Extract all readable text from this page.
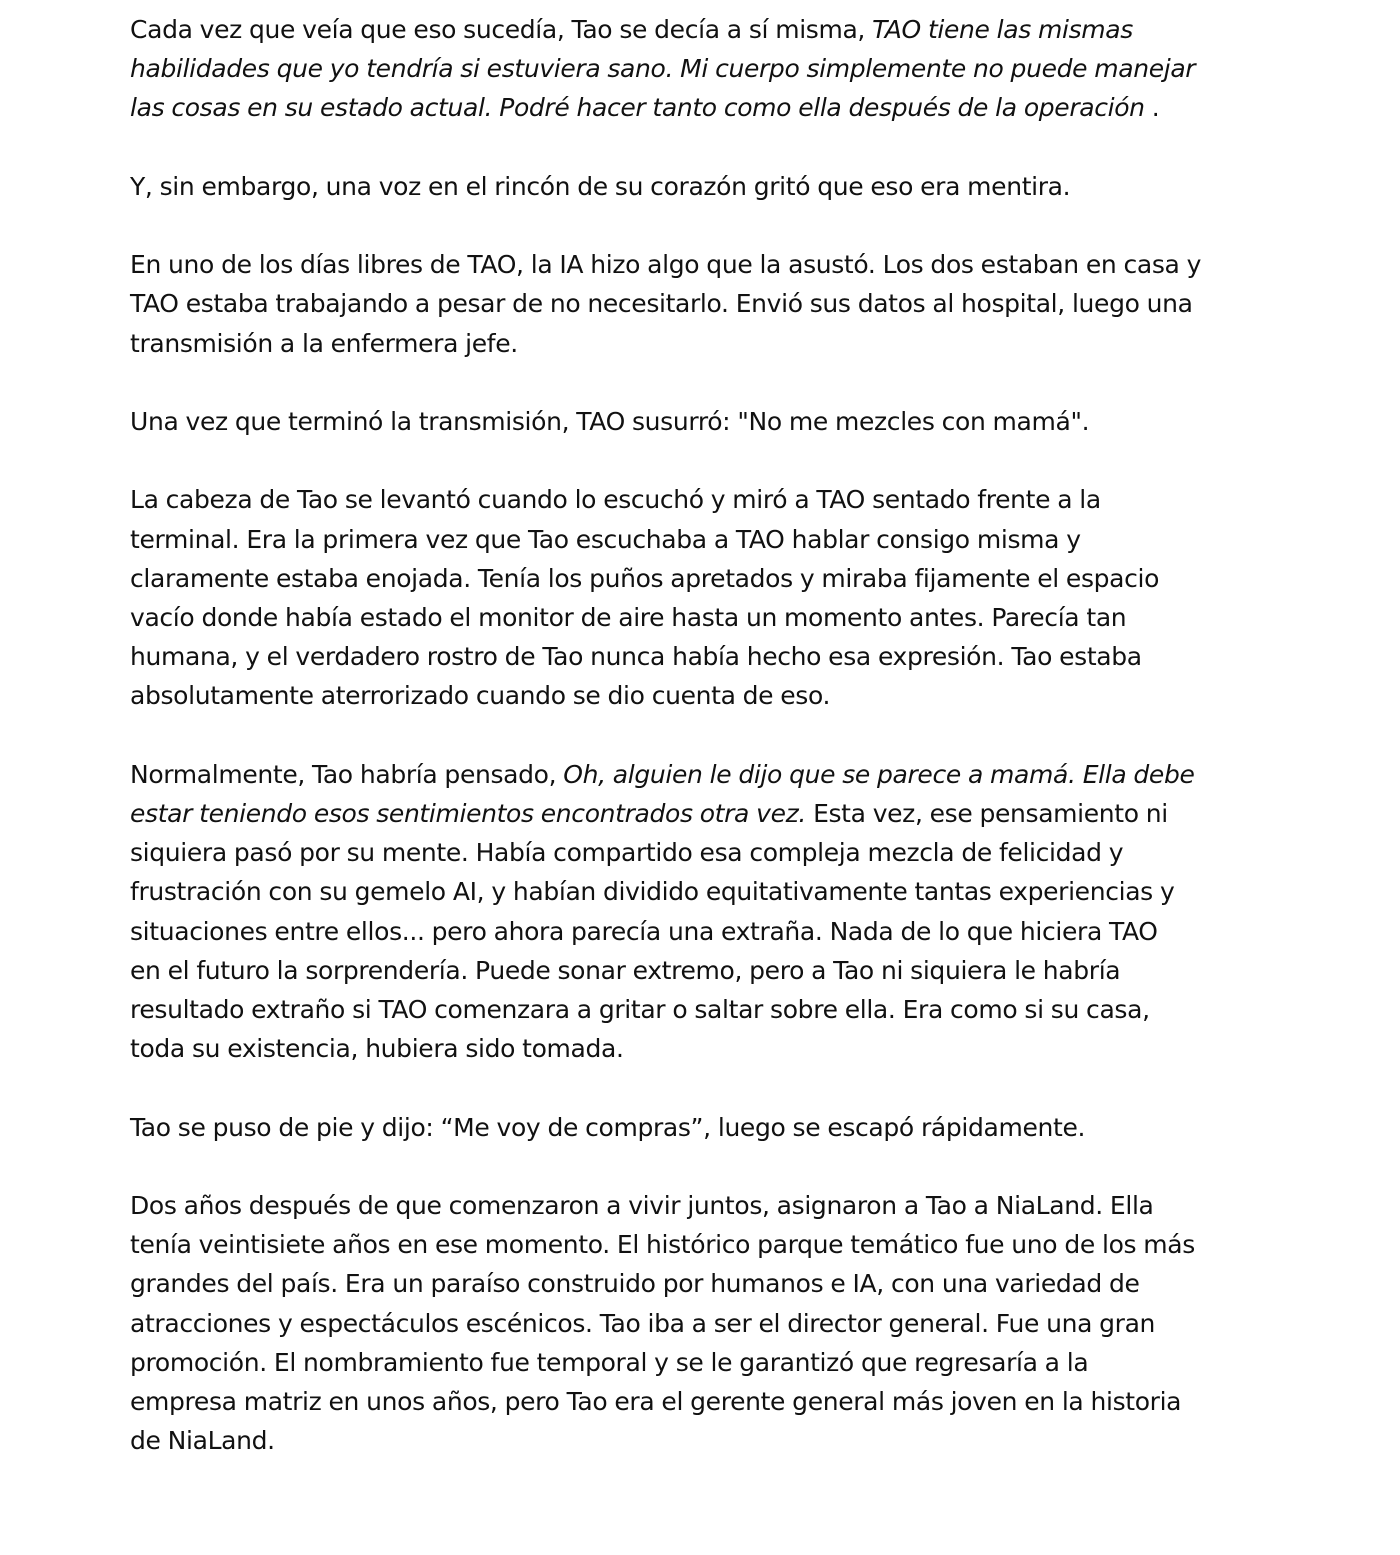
Cada vez que veía que eso sucedía, Tao se decía a sí misma, TAO tiene las mismas
habilidades que yo tendría si estuviera sano. Mi cuerpo simplemente no puede manejar
las cosas en su estado actual. Podré hacer tanto como ella después de la operación .

Y, sin embargo, una voz en el rincón de su corazón gritó que eso era mentira.

En uno de los días libres de TAO, la IA hizo algo que la asustó. Los dos estaban en casa y
TAO estaba trabajando a pesar de no necesitarlo. Envió sus datos al hospital, luego una
transmisión a la enfermera jefe.

Una vez que terminó la transmisión, TAO susurró: "No me mezcles con mamá".

La cabeza de Tao se levantó cuando lo escuchó y miró a TAO sentado frente a la
terminal. Era la primera vez que Tao escuchaba a TAO hablar consigo misma y
claramente estaba enojada. Tenía los puños apretados y miraba fijamente el espacio
vacío donde había estado el monitor de aire hasta un momento antes. Parecía tan
humana, y el verdadero rostro de Tao nunca había hecho esa expresión. Tao estaba
absolutamente aterrorizado cuando se dio cuenta de eso.

Normalmente, Tao habría pensado, Oh, alguien le dijo que se parece a mamá. Ella debe
estar teniendo esos sentimientos encontrados otra vez. Esta vez, ese pensamiento ni
siquiera pasó por su mente. Había compartido esa compleja mezcla de felicidad y
frustración con su gemelo AI, y habían dividido equitativamente tantas experiencias y
situaciones entre ellos... pero ahora parecía una extraña. Nada de lo que hiciera TAO
en el futuro la sorprendería. Puede sonar extremo, pero a Tao ni siquiera le habría
resultado extraño si TAO comenzara a gritar o saltar sobre ella. Era como si su casa,
toda su existencia, hubiera sido tomada.

Tao se puso de pie y dijo: “Me voy de compras”, luego se escapó rápidamente.

Dos años después de que comenzaron a vivir juntos, asignaron a Tao a NiaLand. Ella
tenía veintisiete años en ese momento. El histórico parque temático fue uno de los más
grandes del país. Era un paraíso construido por humanos e IA, con una variedad de
atracciones y espectáculos escénicos. Tao iba a ser el director general. Fue una gran
promoción. El nombramiento fue temporal y se le garantizó que regresaría a la
empresa matriz en unos años, pero Tao era el gerente general más joven en la historia
de NiaLand.
